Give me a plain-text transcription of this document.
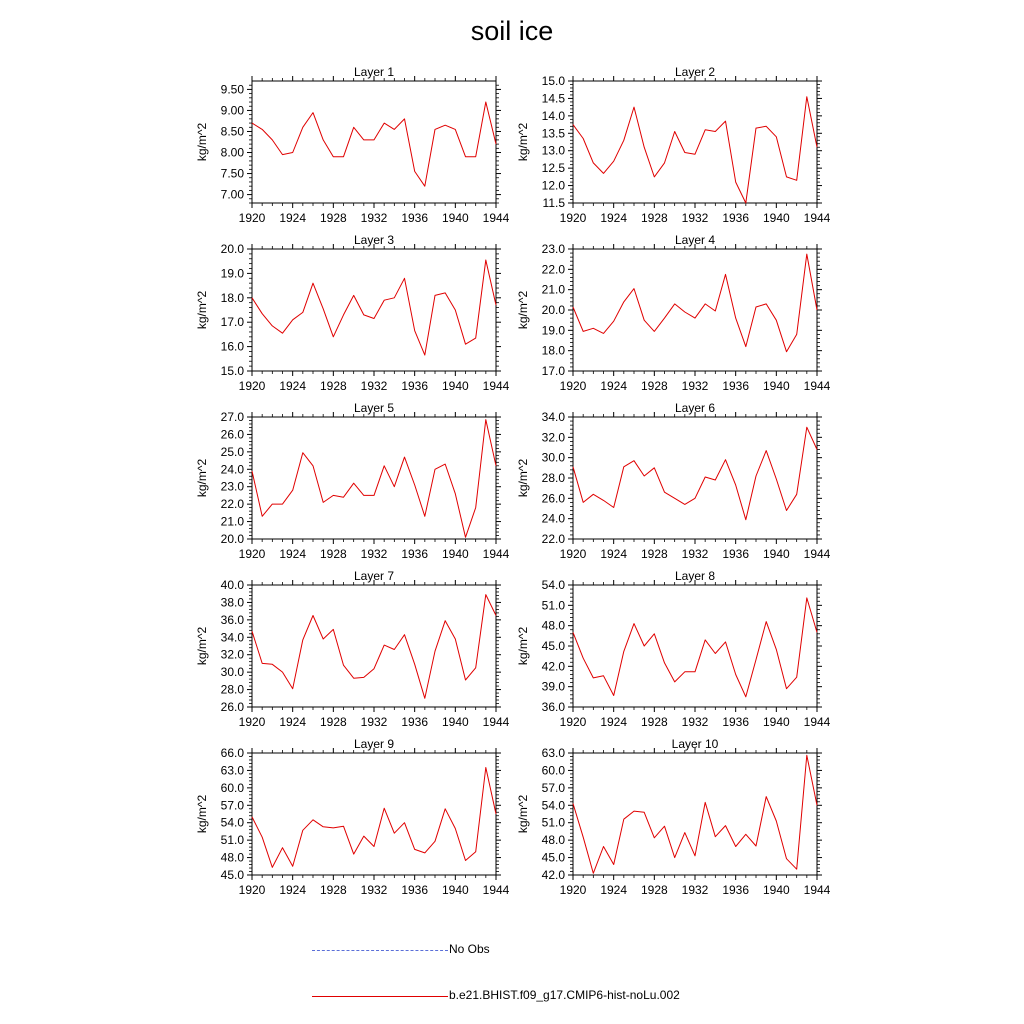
soil ice
Layer 1
7.00
7.50
8.00
8.50
9.00
9.50
1920 1924 1928 1932 1936 1940 1944
kg/m^2
Layer 2
11.5
12.0
12.5
13.0
13.5
14.0
14.5
15.0
1920 1924 1928 1932 1936 1940 1944
kg/m^2
Layer 3
15.0
16.0
17.0
18.0
19.0
20.0
1920 1924 1928 1932 1936 1940 1944
kg/m^2
Layer 4
17.0
18.0
19.0
20.0
21.0
22.0
23.0
1920 1924 1928 1932 1936 1940 1944
kg/m^2
Layer 5
20.0
21.0
22.0
23.0
24.0
25.0
26.0
27.0
1920 1924 1928 1932 1936 1940 1944
kg/m^2
Layer 6
22.0
24.0
26.0
28.0
30.0
32.0
34.0
1920 1924 1928 1932 1936 1940 1944
kg/m^2
Layer 7
26.0
28.0
30.0
32.0
34.0
36.0
38.0
40.0
1920 1924 1928 1932 1936 1940 1944
kg/m^2
Layer 8
36.0
39.0
42.0
45.0
48.0
51.0
54.0
1920 1924 1928 1932 1936 1940 1944
kg/m^2
Layer 9
45.0
48.0
51.0
54.0
57.0
60.0
63.0
66.0
1920 1924 1928 1932 1936 1940 1944
kg/m^2
Layer 10
42.0
45.0
48.0
51.0
54.0
57.0
60.0
63.0
1920 1924 1928 1932 1936 1940 1944
kg/m^2
No Obs
b.e21.BHIST.f09_g17.CMIP6-hist-noLu.002
